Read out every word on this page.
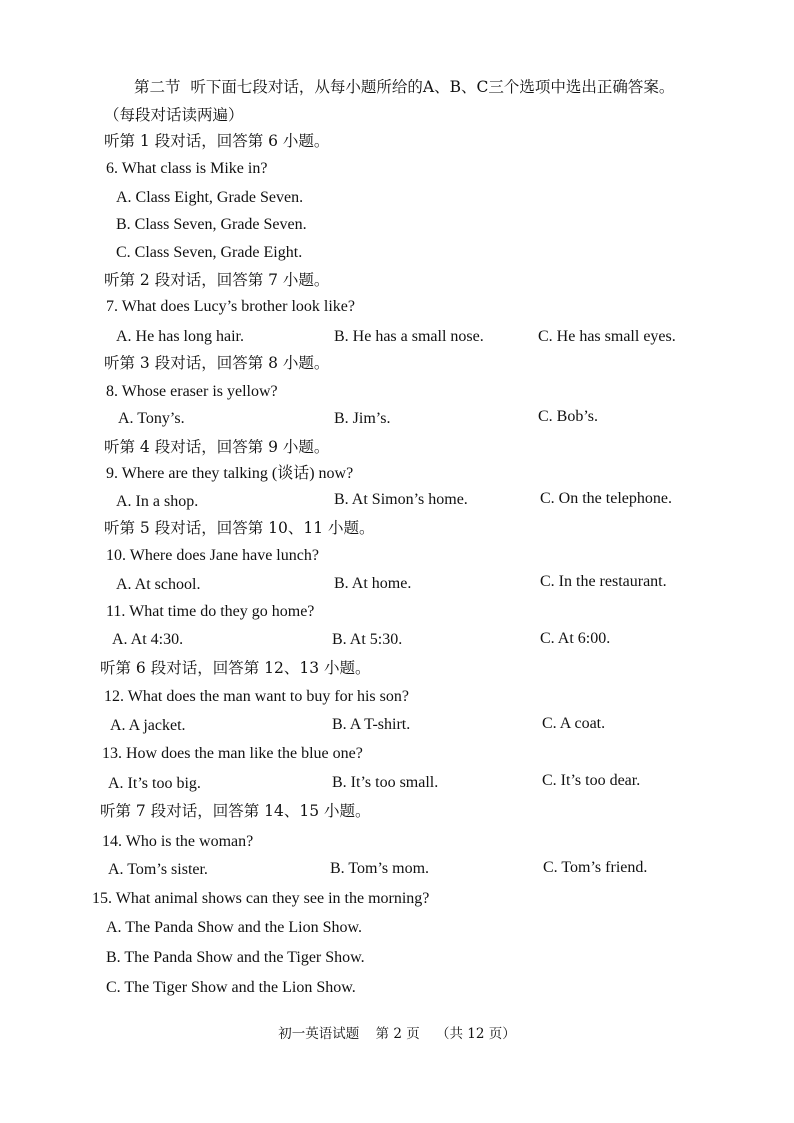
第二节 听下面七段对话，从每小题所给的A、B、C三个选项中选出正确答案。
（每段对话读两遍）
听第 1 段对话，回答第 6 小题。
6. What class is Mike in?
A. Class Eight, Grade Seven.
B. Class Seven, Grade Seven.
C. Class Seven, Grade Eight.
听第 2 段对话，回答第 7 小题。
7. What does Lucy’s brother look like?
A. He has long hair.	B. He has a small nose.	C. He has small eyes.
听第 3 段对话，回答第 8 小题。
8. Whose eraser is yellow?
A. Tony’s.	B. Jim’s.	C. Bob’s.
听第 4 段对话，回答第 9 小题。
9. Where are they talking (谈话) now?
A. In a shop.	B. At Simon’s home.	C. On the telephone.
听第 5 段对话，回答第 10、11 小题。
10. Where does Jane have lunch?
A. At school.	B. At home.	C. In the restaurant.
11. What time do they go home?
A. At 4:30.	B. At 5:30.	C. At 6:00.
听第 6 段对话，回答第 12、13 小题。
12. What does the man want to buy for his son?
A. A jacket.	B. A T-shirt.	C. A coat.
13. How does the man like the blue one?
A. It’s too big.	B. It’s too small.	C. It’s too dear.
听第 7 段对话，回答第 14、15 小题。
14. Who is the woman?
A. Tom’s sister.	B. Tom’s mom.	C. Tom’s friend.
15. What animal shows can they see in the morning?
A. The Panda Show and the Lion Show.
B. The Panda Show and the Tiger Show.
C. The Tiger Show and the Lion Show.
初一英语试题 第 2 页 （共 12 页）
